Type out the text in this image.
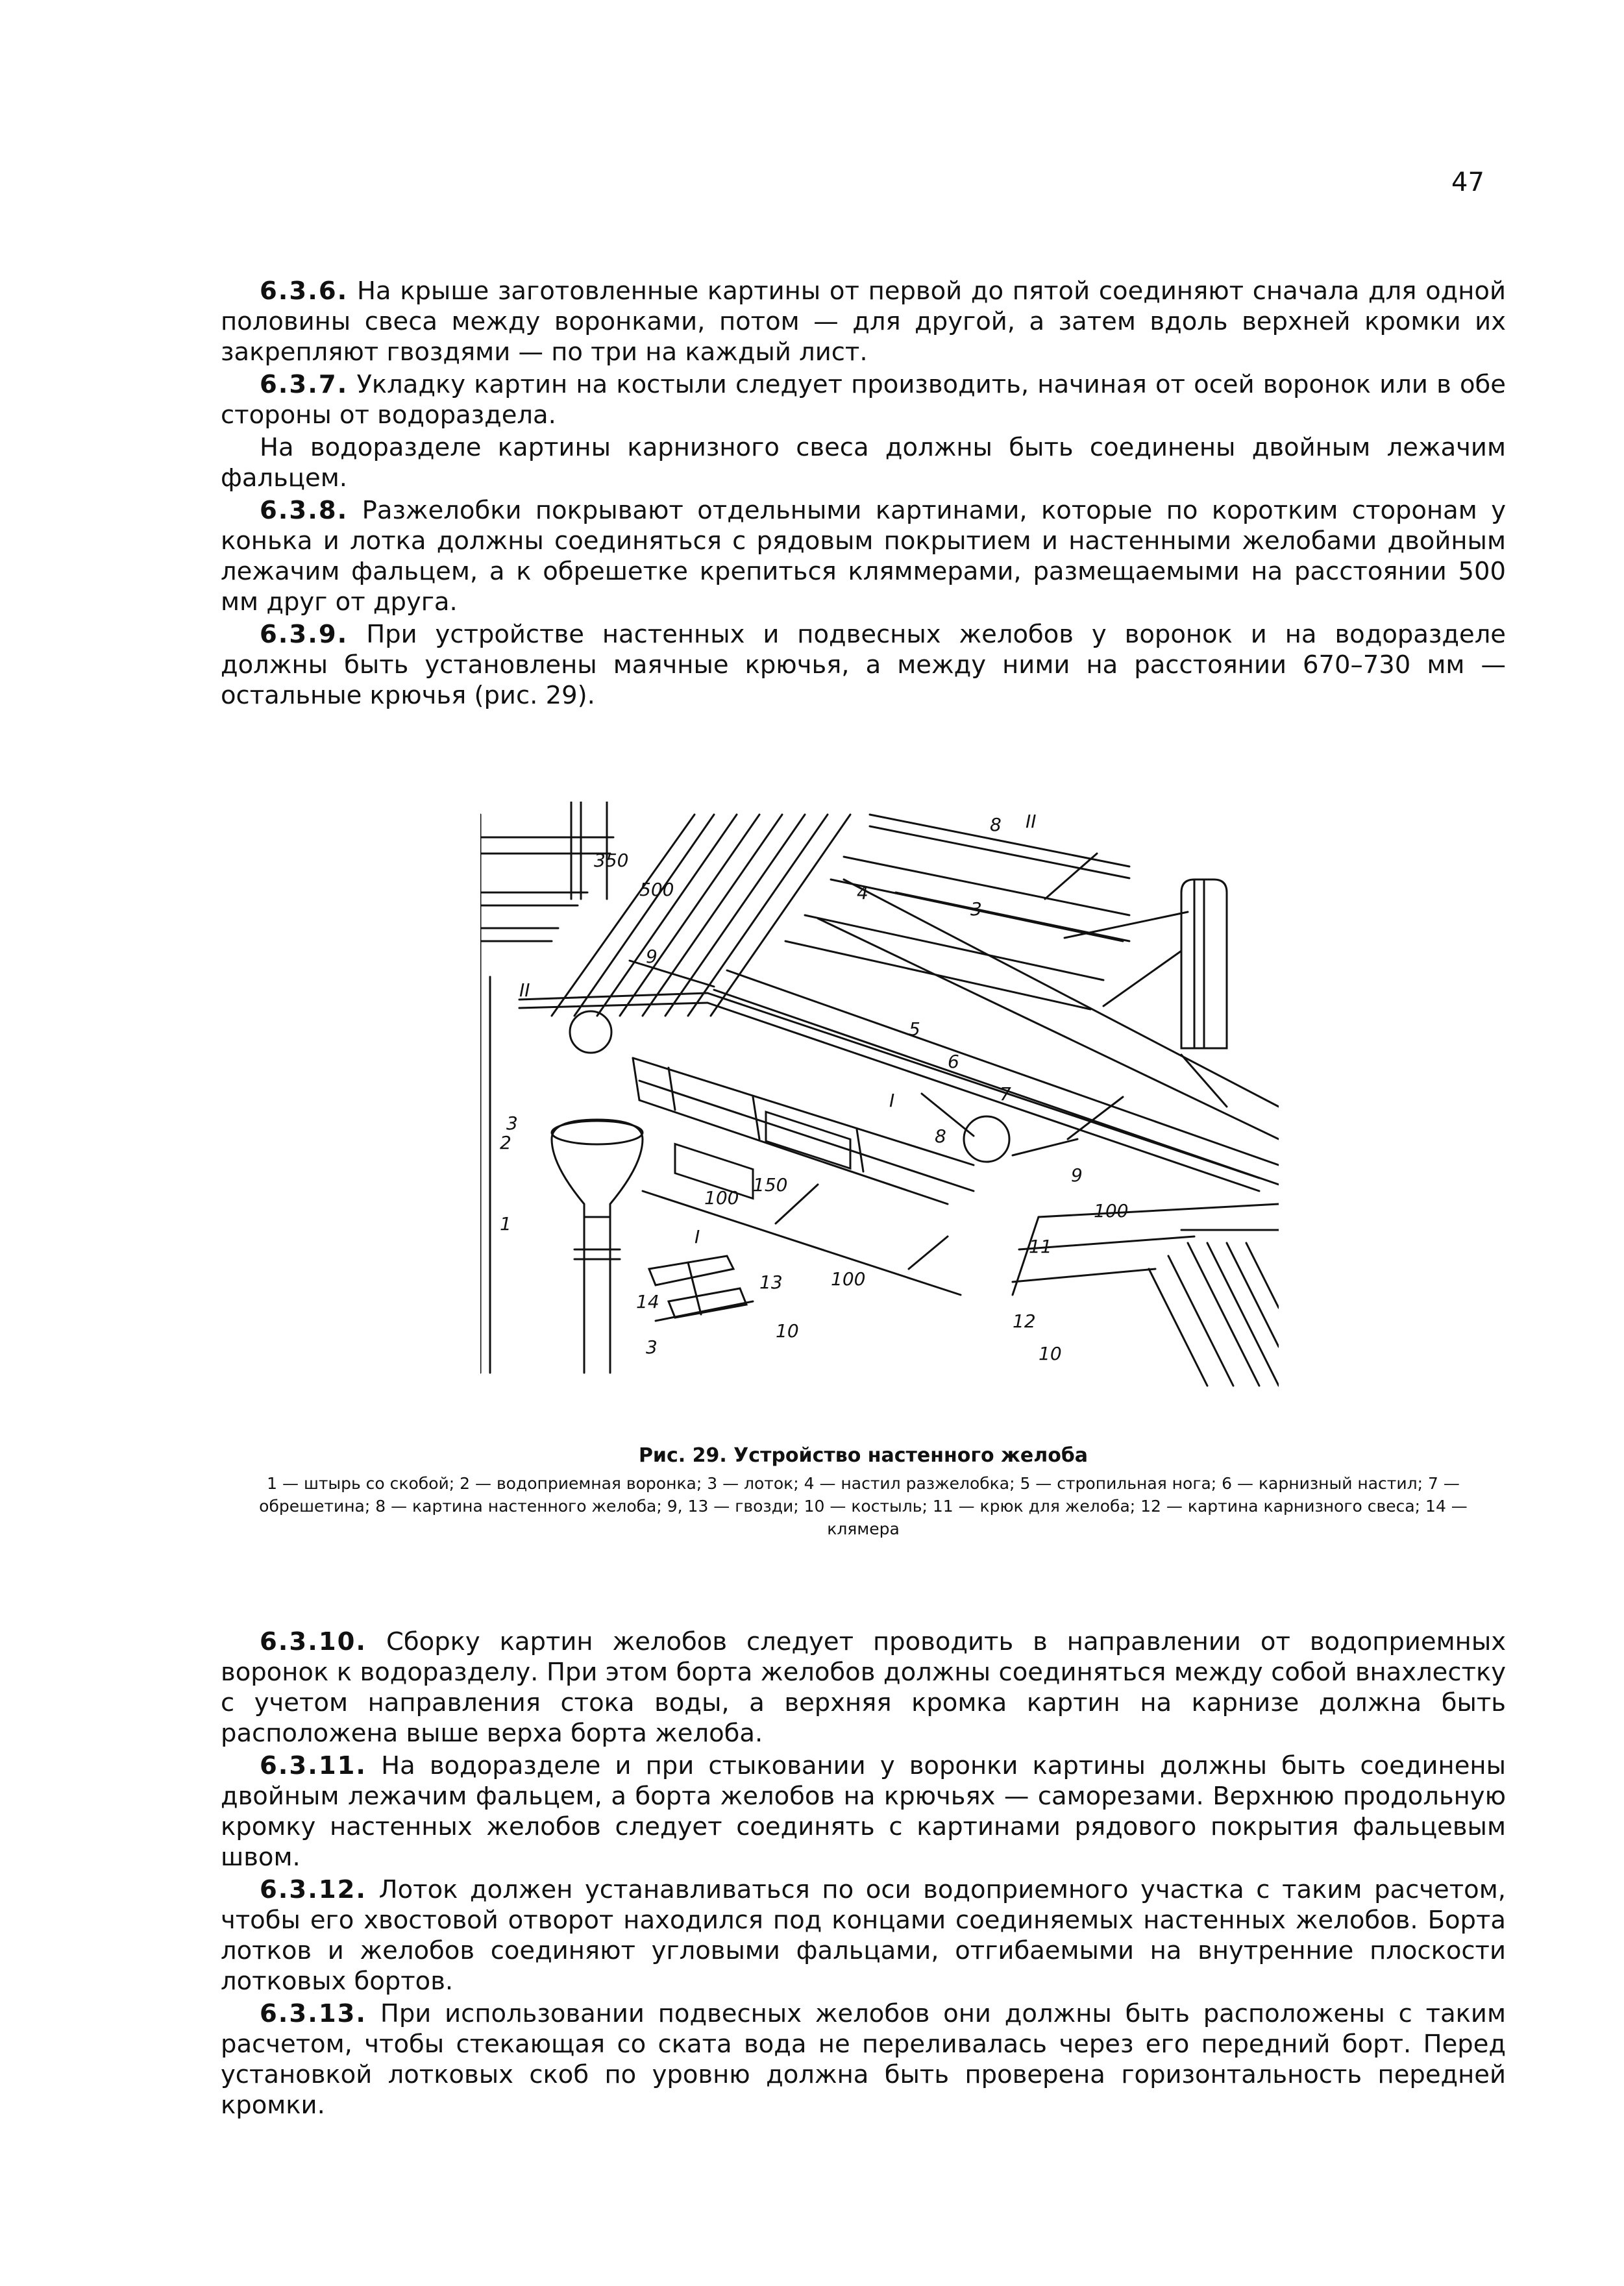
47

6.3.6. На крыше заготовленные картины от первой до пятой соединяют сначала для одной половины свеса между воронками, потом — для другой, а затем вдоль верхней кромки их закрепляют гвоздями — по три на каждый лист.

6.3.7. Укладку картин на костыли следует производить, начиная от осей воронок или в обе стороны от водораздела.

На водоразделе картины карнизного свеса должны быть соединены двойным лежачим фальцем.

6.3.8. Разжелобки покрывают отдельными картинами, которые по коротким сторонам у конька и лотка должны соединяться с рядовым покрытием и настенными желобами двойным лежачим фальцем, а к обрешетке крепиться кляммерами, размещаемыми на расстоянии 500 мм друг от друга.

6.3.9. При устройстве настенных и подвесных желобов у воронок и на водоразделе должны быть установлены маячные крючья, а между ними на расстоянии 670–730 мм — остальные крючья (рис. 29).

8 II
350
500	4
3
9
5
II
6
7
I
3
2	8
150
100
9
100
1
I	11
13	100
14
12
10
3	10
Рис. 29. Устройство настенного желоба
1 — штырь со скобой; 2 — водоприемная воронка; 3 — лоток; 4 — настил разжелобка; 5 — стропильная нога; 6 — карнизный настил; 7 — обрешетина; 8 — картина настенного желоба; 9, 13 — гвозди; 10 — костыль; 11 — крюк для желоба; 12 — картина карнизного свеса; 14 — клямера

6.3.10. Сборку картин желобов следует проводить в направлении от водоприемных воронок к водоразделу. При этом борта желобов должны соединяться между собой внахлестку с учетом направления стока воды, а верхняя кромка картин на карнизе должна быть расположена выше верха борта желоба.

6.3.11. На водоразделе и при стыковании у воронки картины должны быть соединены двойным лежачим фальцем, а борта желобов на крючьях — саморезами. Верхнюю продольную кромку настенных желобов следует соединять с картинами рядового покрытия фальцевым швом.

6.3.12. Лоток должен устанавливаться по оси водоприемного участка с таким расчетом, чтобы его хвостовой отворот находился под концами соединяемых настенных желобов. Борта лотков и желобов соединяют угловыми фальцами, отгибаемыми на внутренние плоскости лотковых бортов.

6.3.13. При использовании подвесных желобов они должны быть расположены с таким расчетом, чтобы стекающая со ската вода не переливалась через его передний борт. Перед установкой лотковых скоб по уровню должна быть проверена горизонтальность передней кромки.
